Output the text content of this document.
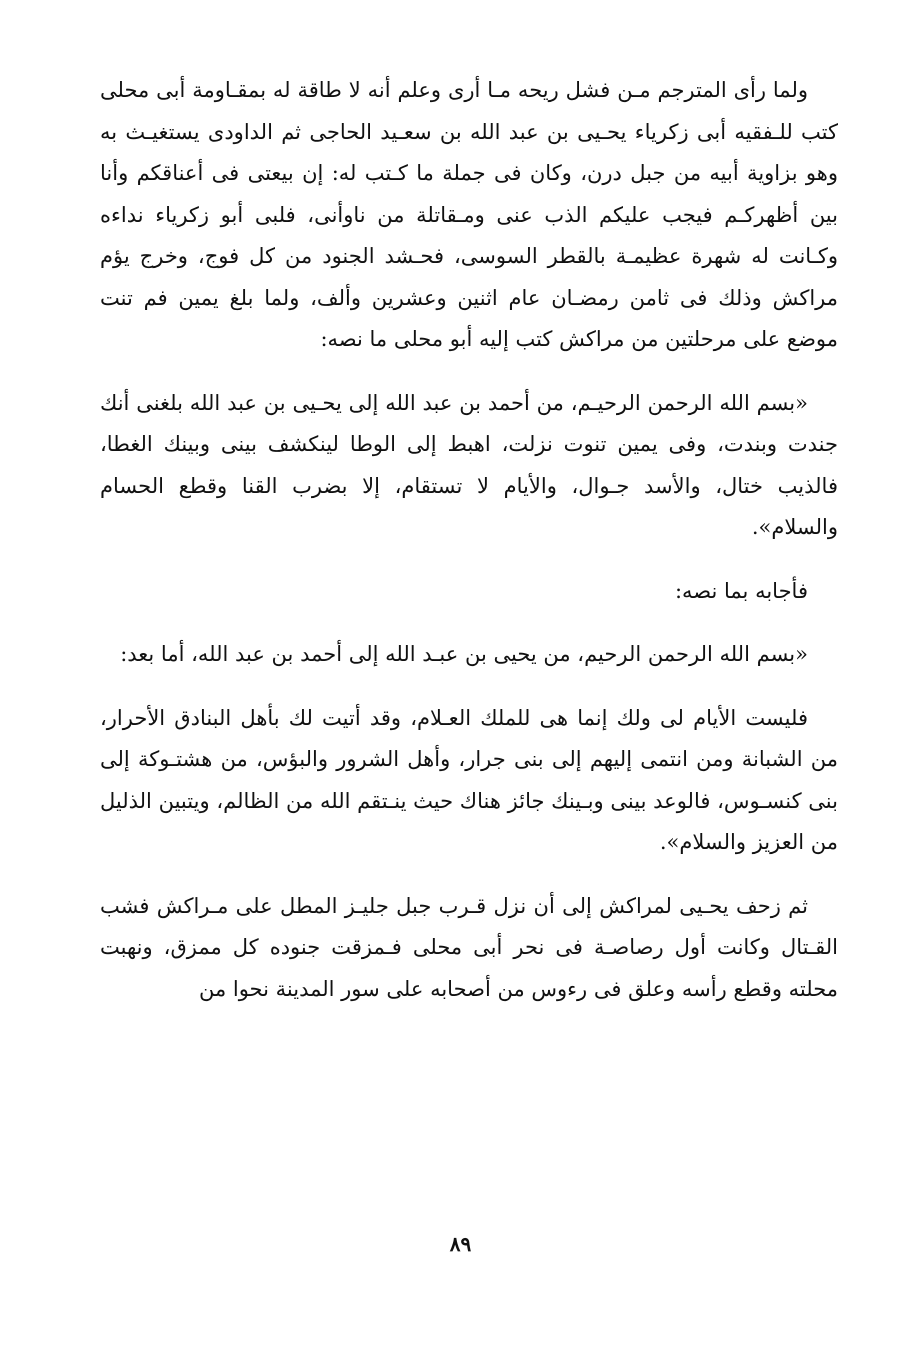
ولما رأى المترجم مـن فشل ريحه مـا أرى وعلم أنه لا طاقة له بمقـاومة أبى محلى كتب للـفقيه أبى زكرياء يحـيى بن عبد الله بن سعـيد الحاجى ثم الداودى يستغيـث به وهو بزاوية أبيه من جبل درن، وكان فى جملة ما كـتب له: إن بيعتى فى أعناقكم وأنا بين أظهركـم فيجب عليكم الذب عنى ومـقاتلة من ناوأنى، فلبى أبو زكرياء نداءه وكـانت له شهرة عظيمـة بالقطر السوسى، فحـشد الجنود من كل فوج، وخرج يؤم مراكش وذلك فى ثامن رمضـان عام اثنين وعشرين وألف، ولما بلغ يمين فم تنت موضع على مرحلتين من مراكش كتب إليه أبو محلى ما نصه:

«بسم الله الرحمن الرحيـم، من أحمد بن عبد الله إلى يحـيى بن عبد الله بلغنى أنك جندت وبندت، وفى يمين تنوت نزلت، اهبط إلى الوطا لينكشف بينى وبينك الغطا، فالذيب ختال، والأسد جـوال، والأيام لا تستقام، إلا بضرب القنا وقطع الحسام والسلام».

فأجابه بما نصه:

«بسم الله الرحمن الرحيم، من يحيى بن عبـد الله إلى أحمد بن عبد الله، أما بعد:

فليست الأيام لى ولك إنما هى للملك العـلام، وقد أتيت لك بأهل البنادق الأحرار، من الشبانة ومن انتمى إليهم إلى بنى جرار، وأهل الشرور والبؤس، من هشتـوكة إلى بنى كنسـوس، فالوعد بينى وبـينك جائز هناك حيث ينـتقم الله من الظالم، ويتبين الذليل من العزيز والسلام».

ثم زحف يحـيى لمراكش إلى أن نزل قـرب جبل جليـز المطل على مـراكش فشب القـتال وكانت أول رصاصـة فى نحر أبى محلى فـمزقت جنوده كل ممزق، ونهبت محلته وقطع رأسه وعلق فى رءوس من أصحابه على سور المدينة نحوا من

٨٩
